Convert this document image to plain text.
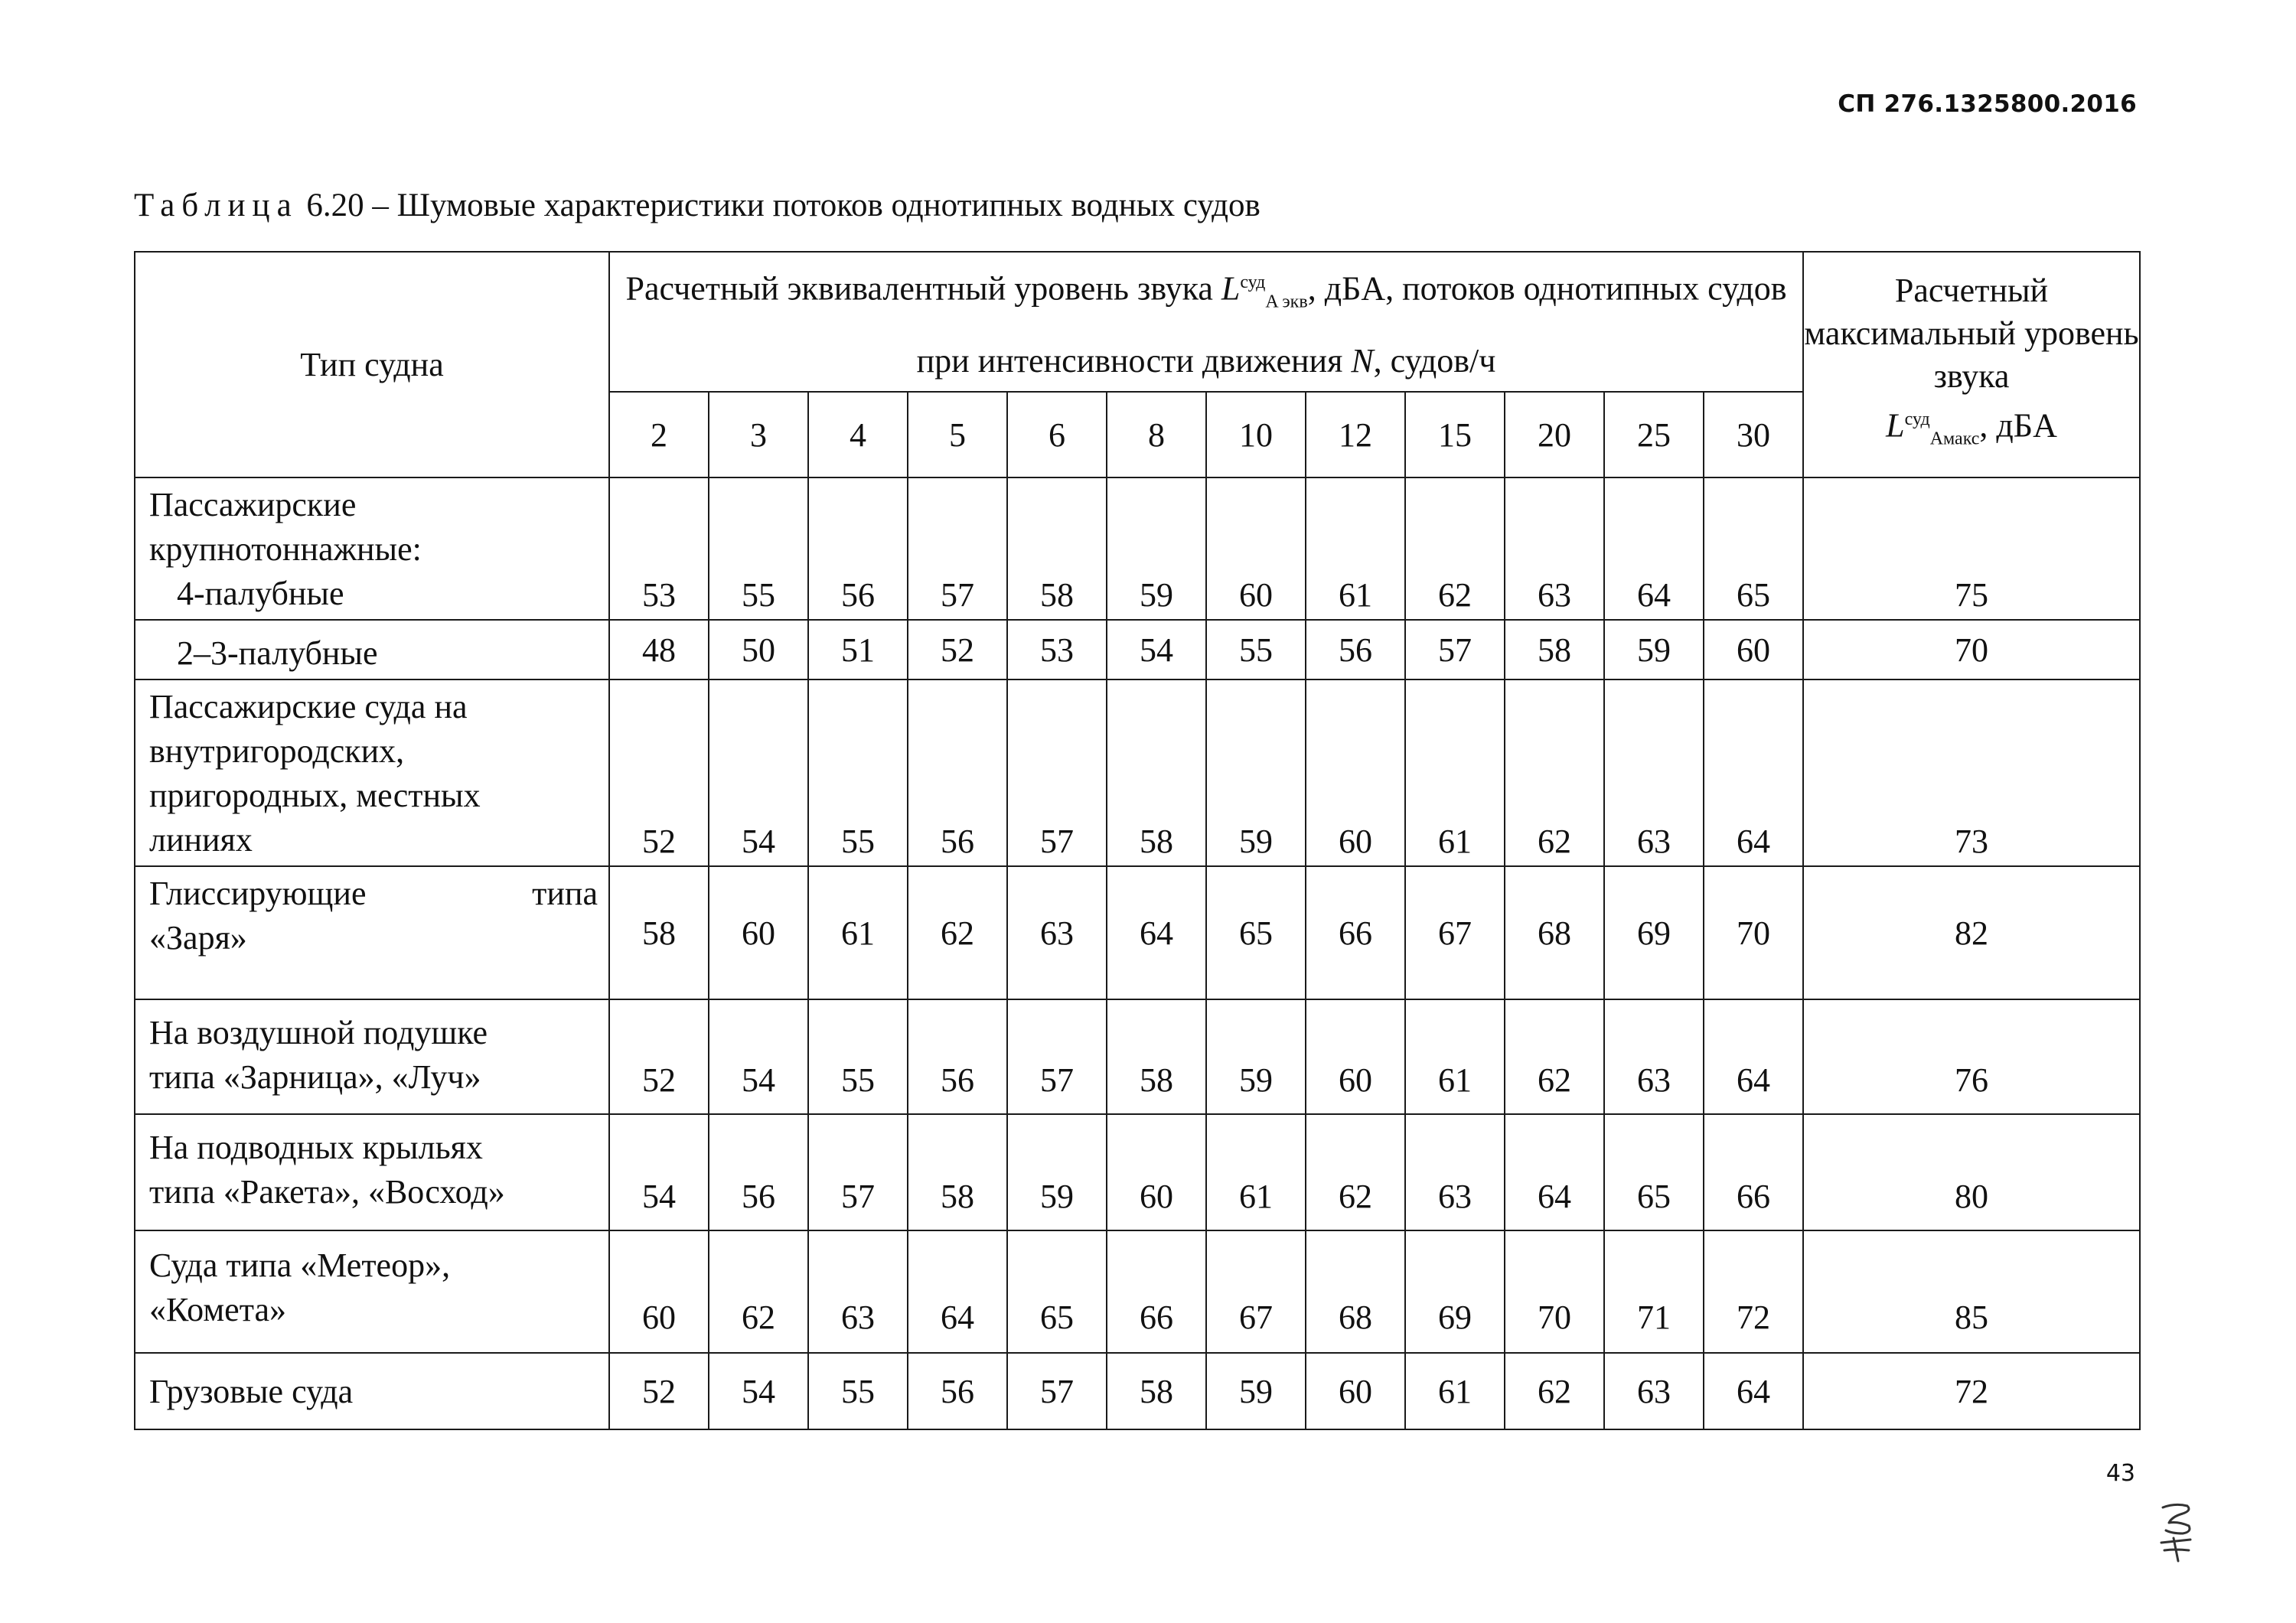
СП 276.1325800.2016
Таблица 6.20 – Шумовые характеристики потоков однотипных водных судов
Тип судна	Расчетный эквивалентный уровень звука $L^{суд}_{A экв}$, дБA, потоков однотипных судов при интенсивности движения N, судов/ч												Расчетный максимальный уровень звука
$L^{суд}_{Aмакс}$, дБA
	2	3	4	5	6	8	10	12	15	20	25	30	
Пассажирские
крупнотоннажные:
4-палубные	53	55	56	57	58	59	60	61	62	63	64	65	75
2–3-палубные	48	50	51	52	53	54	55	56	57	58	59	60	70
Пассажирские суда на
внутригородских,
пригородных, местных
линиях	52	54	55	56	57	58	59	60	61	62	63	64	73

Глиссирующие типа
«Заря»	58	60	61	62	63	64	65	66	67	68	69	70	82
На воздушной подушке
типа «Зарница», «Луч»	52	54	55	56	57	58	59	60	61	62	63	64	76
На подводных крыльях
типа «Ракета», «Восход»	54	56	57	58	59	60	61	62	63	64	65	66	80
Суда типа «Метеор»,
«Комета»	60	62	63	64	65	66	67	68	69	70	71	72	85
Грузовые суда	52	54	55	56	57	58	59	60	61	62	63	64	72
43
